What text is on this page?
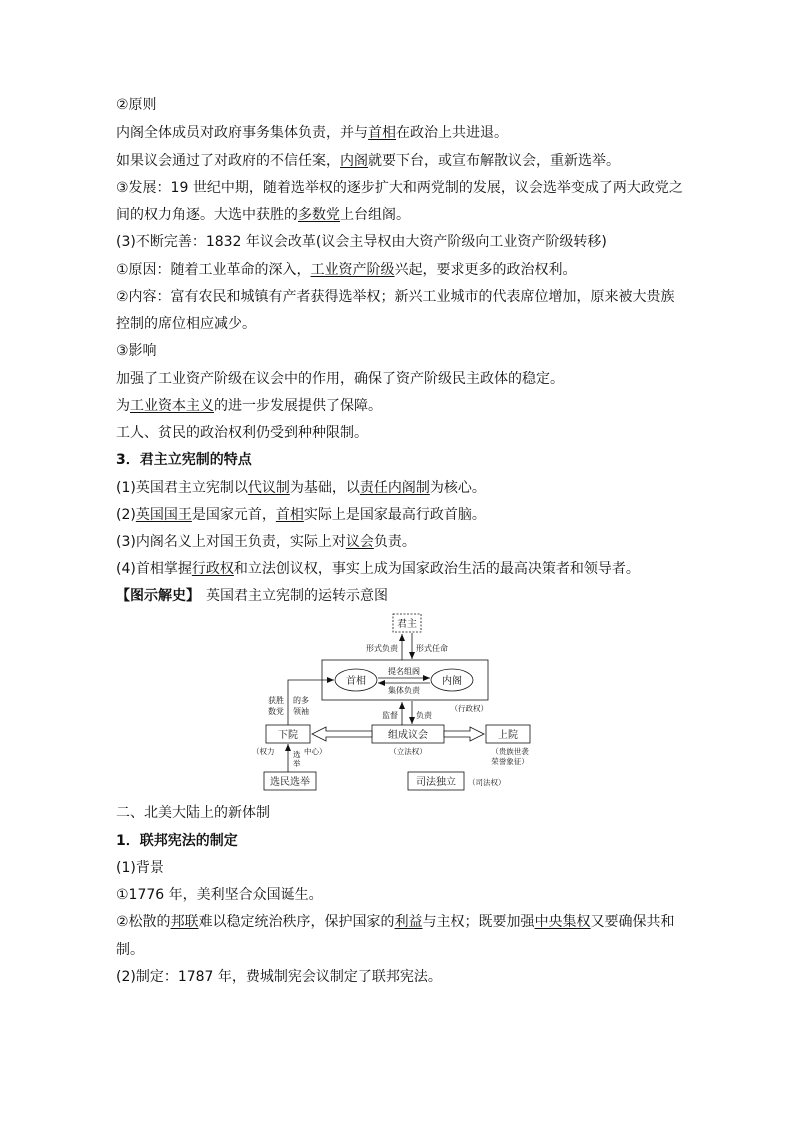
②原则
内阁全体成员对政府事务集体负责，并与首相在政治上共进退。
如果议会通过了对政府的不信任案，内阁就要下台，或宣布解散议会，重新选举。
③发展：19 世纪中期，随着选举权的逐步扩大和两党制的发展，议会选举变成了两大政党之
间的权力角逐。大选中获胜的多数党上台组阁。
(3)不断完善：1832 年议会改革(议会主导权由大资产阶级向工业资产阶级转移)
①原因：随着工业革命的深入，工业资产阶级兴起，要求更多的政治权利。
②内容：富有农民和城镇有产者获得选举权；新兴工业城市的代表席位增加，原来被大贵族
控制的席位相应减少。
③影响
加强了工业资产阶级在议会中的作用，确保了资产阶级民主政体的稳定。
为工业资本主义的进一步发展提供了保障。
工人、贫民的政治权利仍受到种种限制。
3．君主立宪制的特点
(1)英国君主立宪制以代议制为基础，以责任内阁制为核心。
(2)英国国王是国家元首，首相实际上是国家最高行政首脑。
(3)内阁名义上对国王负责，实际上对议会负责。
(4)首相掌握行政权和立法创议权，事实上成为国家政治生活的最高决策者和领导者。
【图示解史】 英国君主立宪制的运转示意图
君主
形式负责 形式任命
首相	内阁
提名组阁
集体负责
（行政权）
监督 负责
获胜
数党
的多
领袖
下院	组成议会	上院
（权力	中心）	（立法权）	（贵族世袭
荣誉象征）
选举
选民选举	司法独立 （司法权）
二、北美大陆上的新体制
1．联邦宪法的制定
(1)背景
①1776 年，美利坚合众国诞生。
②松散的邦联难以稳定统治秩序，保护国家的利益与主权；既要加强中央集权又要确保共和
制。
(2)制定：1787 年，费城制宪会议制定了联邦宪法。
